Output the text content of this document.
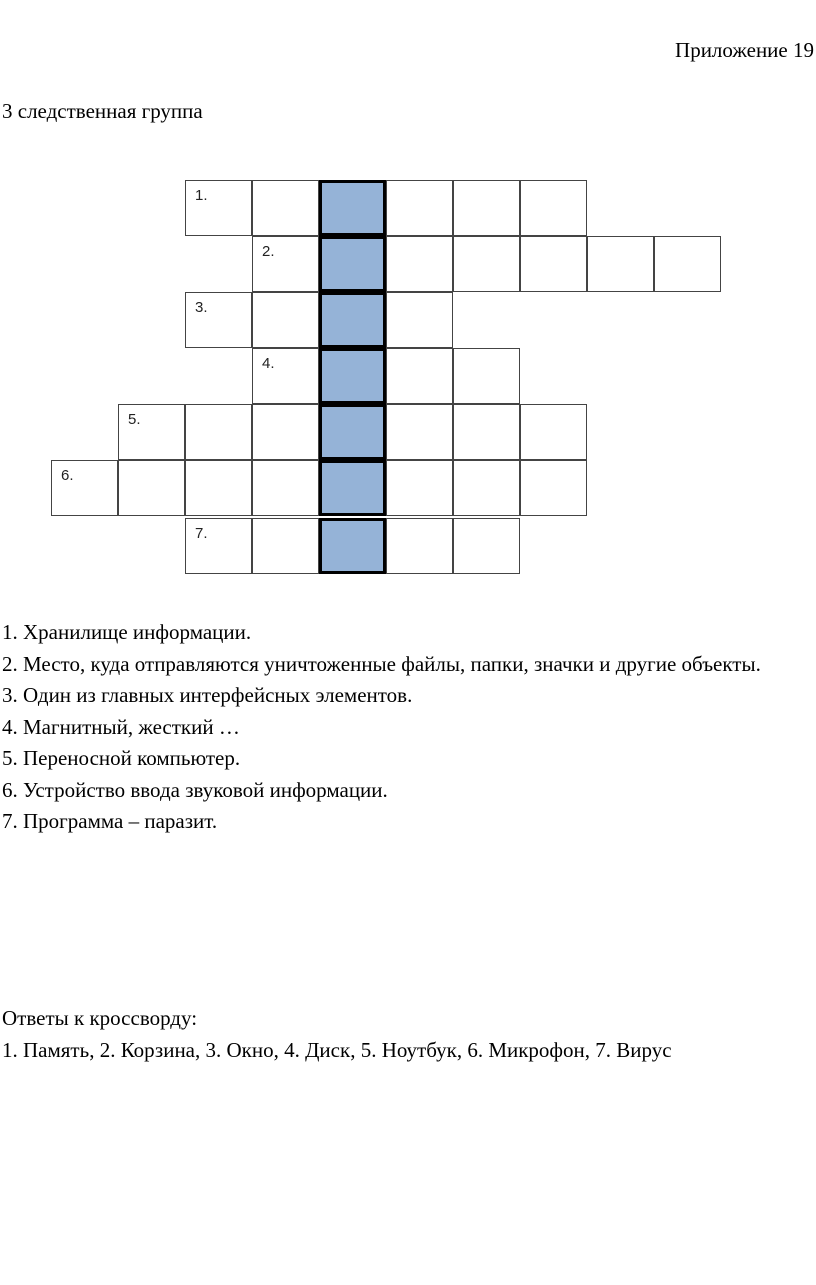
Приложение 19
3 следственная группа
1.
2.
3.
4.
5.
6.
7.
1. Хранилище информации.
2. Место, куда отправляются уничтоженные файлы, папки, значки и другие объекты.
3. Один из главных интерфейсных элементов.
4. Магнитный, жесткий …
5. Переносной компьютер.
6. Устройство ввода звуковой информации.
7. Программа – паразит.
Ответы к кроссворду:
1. Память, 2. Корзина, 3. Окно, 4. Диск, 5. Ноутбук, 6. Микрофон, 7. Вирус
